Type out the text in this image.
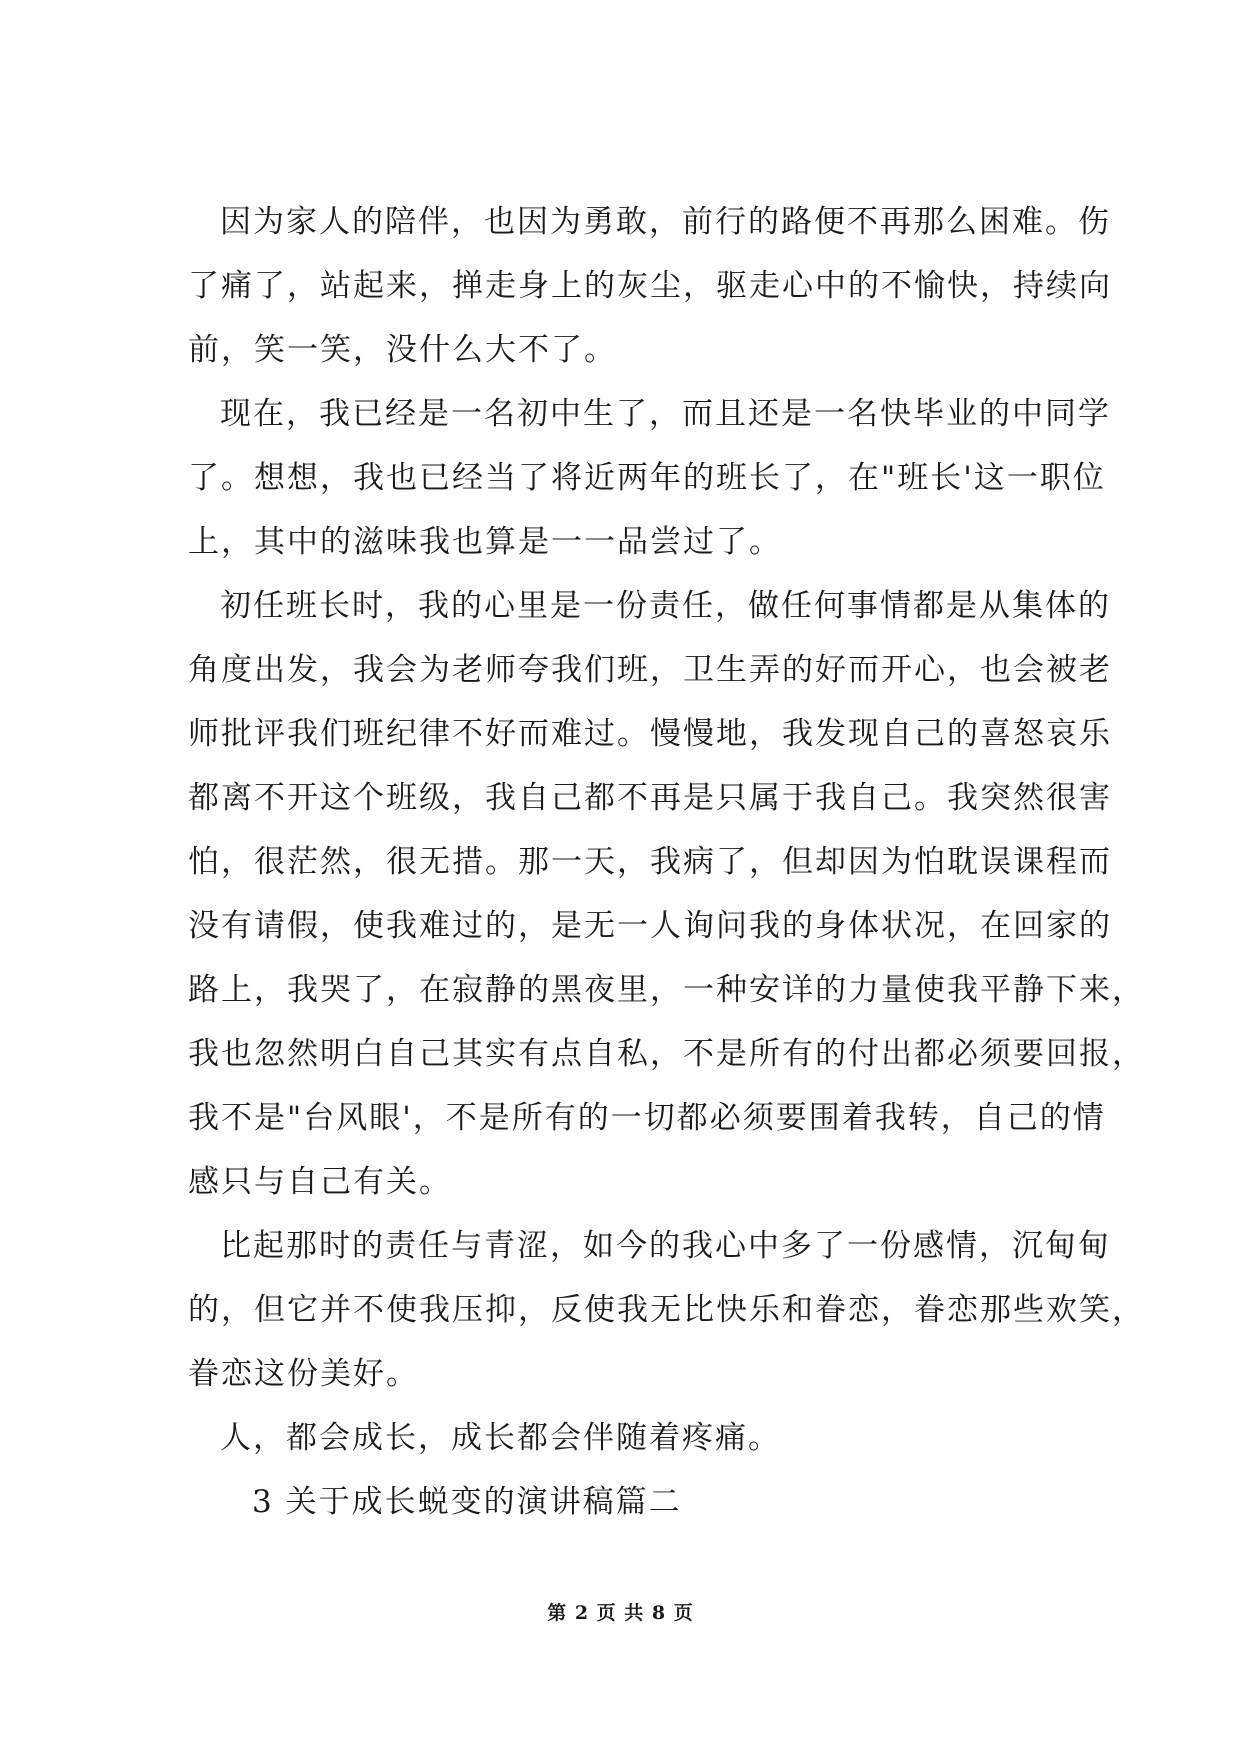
因为家人的陪伴，也因为勇敢，前行的路便不再那么困难。伤
了痛了，站起来，掸走身上的灰尘，驱走心中的不愉快，持续向
前，笑一笑，没什么大不了。
现在，我已经是一名初中生了，而且还是一名快毕业的中同学
了。想想，我也已经当了将近两年的班长了，在"班长'这一职位
上，其中的滋味我也算是一一品尝过了。
初任班长时，我的心里是一份责任，做任何事情都是从集体的
角度出发，我会为老师夸我们班，卫生弄的好而开心，也会被老
师批评我们班纪律不好而难过。慢慢地，我发现自己的喜怒哀乐
都离不开这个班级，我自己都不再是只属于我自己。我突然很害
怕，很茫然，很无措。那一天，我病了，但却因为怕耽误课程而
没有请假，使我难过的，是无一人询问我的身体状况，在回家的
路上，我哭了，在寂静的黑夜里，一种安详的力量使我平静下来，
我也忽然明白自己其实有点自私，不是所有的付出都必须要回报，
我不是"台风眼'，不是所有的一切都必须要围着我转，自己的情
感只与自己有关。
比起那时的责任与青涩，如今的我心中多了一份感情，沉甸甸
的，但它并不使我压抑，反使我无比快乐和眷恋，眷恋那些欢笑，
眷恋这份美好。
人，都会成长，成长都会伴随着疼痛。
3 关于成长蜕变的演讲稿篇二
第 2 页 共 8 页
